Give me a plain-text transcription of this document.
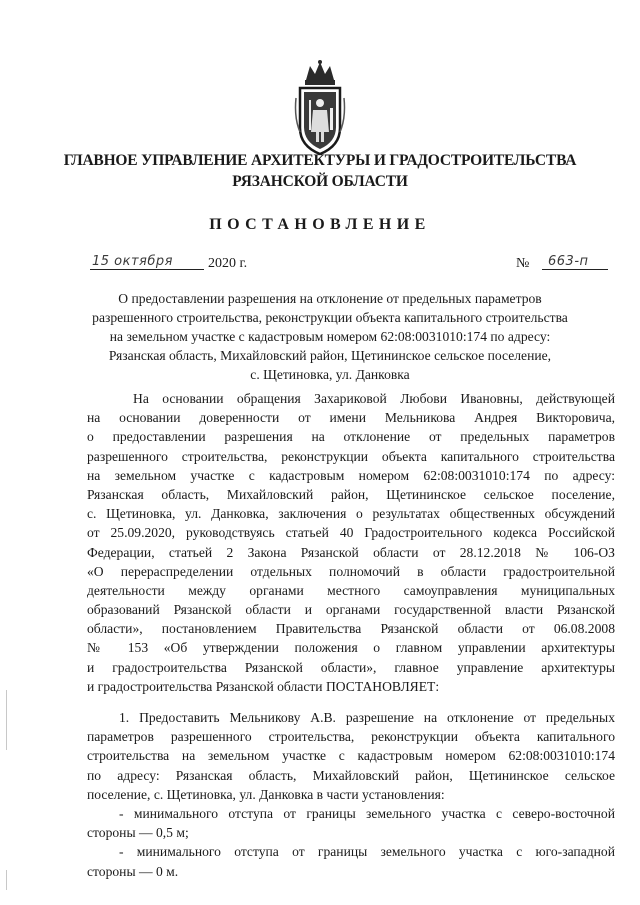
ГЛАВНОЕ УПРАВЛЕНИЕ АРХИТЕКТУРЫ И ГРАДОСТРОИТЕЛЬСТВА
РЯЗАНСКОЙ ОБЛАСТИ
ПОСТАНОВЛЕНИЕ
15 октября	2020 г.	№	663-п
О предоставлении разрешения на отклонение от предельных параметров
разрешенного строительства, реконструкции объекта капитального строительства
на земельном участке с кадастровым номером 62:08:0031010:174 по адресу:
Рязанская область, Михайловский район, Щетининское сельское поселение,
с. Щетиновка, ул. Данковка
На основании обращения Захариковой Любови Ивановны, действующей
на основании доверенности от имени Мельникова Андрея Викторовича,
о предоставлении разрешения на отклонение от предельных параметров
разрешенного строительства, реконструкции объекта капитального строительства
на земельном участке с кадастровым номером 62:08:0031010:174 по адресу:
Рязанская область, Михайловский район, Щетининское сельское поселение,
с. Щетиновка, ул. Данковка, заключения о результатах общественных обсуждений
от 25.09.2020, руководствуясь статьей 40 Градостроительного кодекса Российской
Федерации, статьей 2 Закона Рязанской области от 28.12.2018 № 106-ОЗ
«О перераспределении отдельных полномочий в области градостроительной
деятельности между органами местного самоуправления муниципальных
образований Рязанской области и органами государственной власти Рязанской
области», постановлением Правительства Рязанской области от 06.08.2008
№ 153 «Об утверждении положения о главном управлении архитектуры
и градостроительства Рязанской области», главное управление архитектуры
и градостроительства Рязанской области ПОСТАНОВЛЯЕТ:
1. Предоставить Мельникову А.В. разрешение на отклонение от предельных
параметров разрешенного строительства, реконструкции объекта капитального
строительства на земельном участке с кадастровым номером 62:08:0031010:174
по адресу: Рязанская область, Михайловский район, Щетининское сельское
поселение, с. Щетиновка, ул. Данковка в части установления:
- минимального отступа от границы земельного участка с северо-восточной
стороны — 0,5 м;
- минимального отступа от границы земельного участка с юго-западной
стороны — 0 м.
